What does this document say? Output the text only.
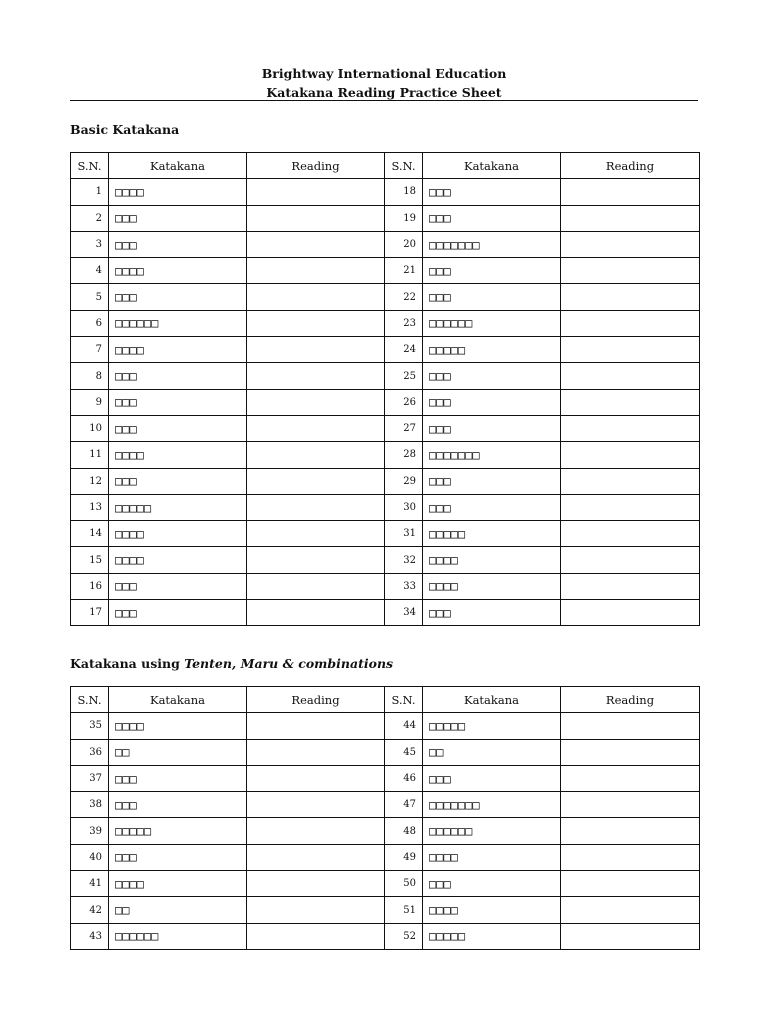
Brightway International Education
Katakana Reading Practice Sheet
Basic Katakana
S.N.	Katakana	Reading	S.N.	Katakana	Reading
1	□□□□		18	□□□	
2	□□□		19	□□□	
3	□□□		20	□□□□□□□	
4	□□□□		21	□□□	
5	□□□		22	□□□	
6	□□□□□□		23	□□□□□□	
7	□□□□		24	□□□□□	
8	□□□		25	□□□	
9	□□□		26	□□□	
10	□□□		27	□□□	
11	□□□□		28	□□□□□□□	
12	□□□		29	□□□	
13	□□□□□		30	□□□	
14	□□□□		31	□□□□□	
15	□□□□		32	□□□□	
16	□□□		33	□□□□	
17	□□□		34	□□□	
Katakana using Tenten, Maru & combinations
S.N.	Katakana	Reading	S.N.	Katakana	Reading
35	□□□□		44	□□□□□	
36	□□		45	□□	
37	□□□		46	□□□	
38	□□□		47	□□□□□□□	
39	□□□□□		48	□□□□□□	
40	□□□		49	□□□□	
41	□□□□		50	□□□	
42	□□		51	□□□□	
43	□□□□□□		52	□□□□□	
